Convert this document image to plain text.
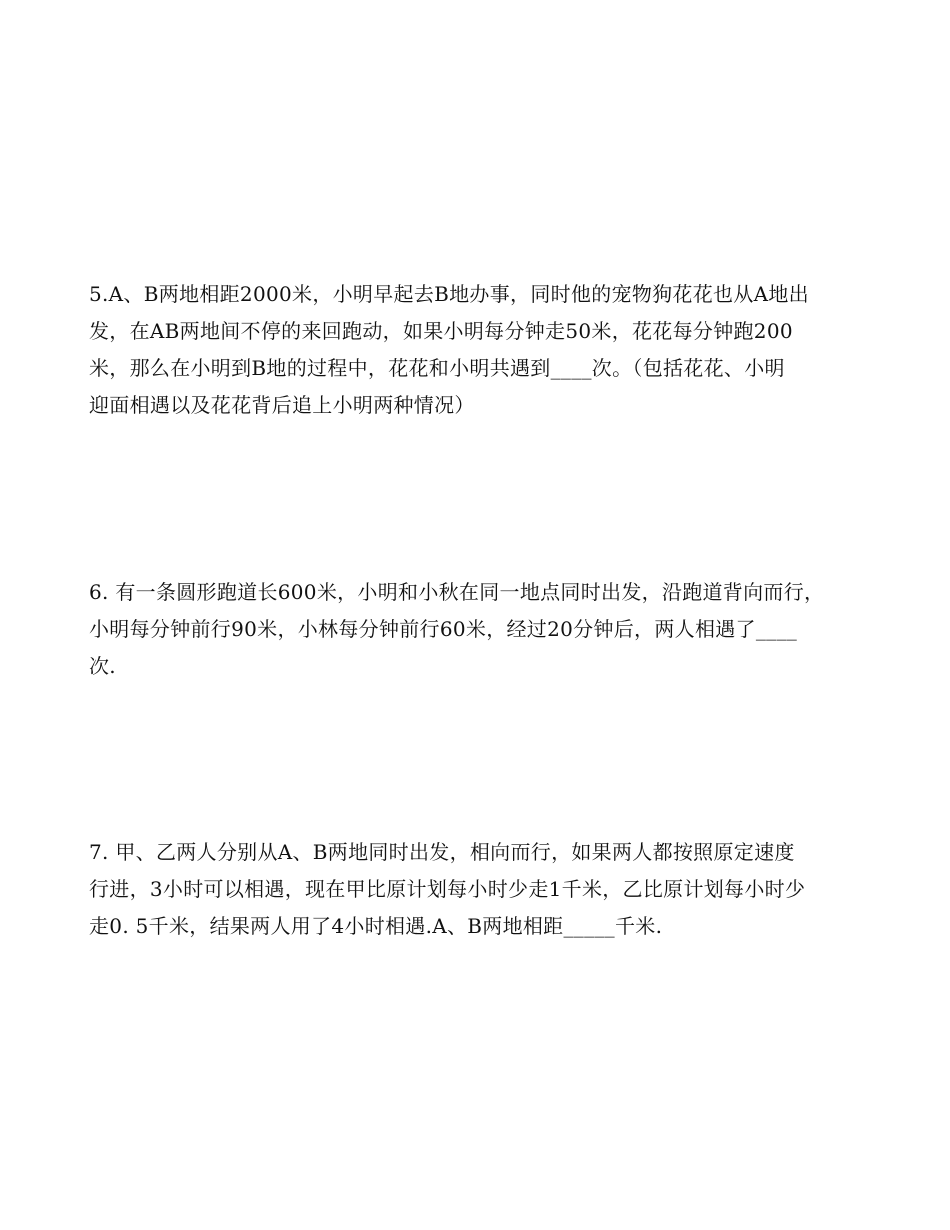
5.A、B两地相距2000米，小明早起去B地办事，同时他的宠物狗花花也从A地出
发，在AB两地间不停的来回跑动，如果小明每分钟走50米，花花每分钟跑200
米，那么在小明到B地的过程中，花花和小明共遇到____次。（包括花花、小明
迎面相遇以及花花背后追上小明两种情况）
6. 有一条圆形跑道长600米，小明和小秋在同一地点同时出发，沿跑道背向而行，
小明每分钟前行90米，小林每分钟前行60米，经过20分钟后，两人相遇了____
次.
7. 甲、乙两人分别从A、B两地同时出发，相向而行，如果两人都按照原定速度
行进，3小时可以相遇，现在甲比原计划每小时少走1千米，乙比原计划每小时少
走0. 5千米，结果两人用了4小时相遇.A、B两地相距_____千米.
